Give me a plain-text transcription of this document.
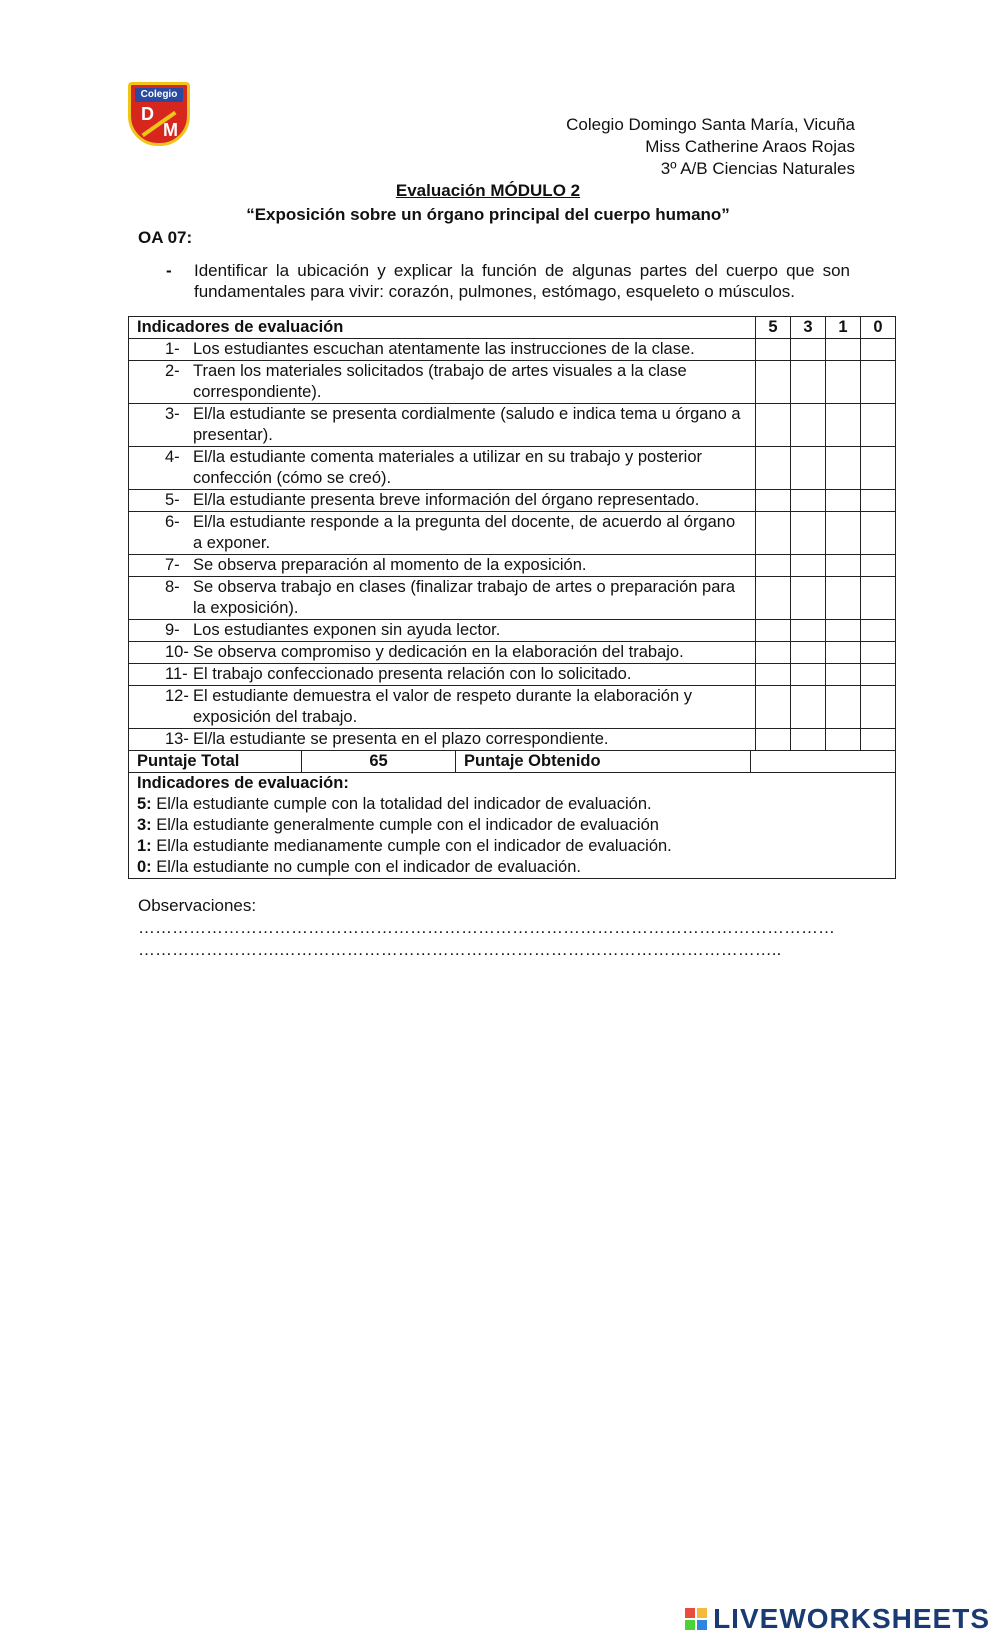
Colegio
D
M	Colegio Domingo Santa María, Vicuña
Miss Catherine Araos Rojas
3º A/B Ciencias Naturales
Evaluación MÓDULO 2
“Exposición sobre un órgano principal del cuerpo humano”
OA 07:
- Identificar la ubicación y explicar la función de algunas partes del cuerpo que son fundamentales para vivir: corazón, pulmones, estómago, esqueleto o músculos.
Indicadores de evaluación	5	3	1	0

1- Los estudiantes escuchan atentamente las instrucciones de la clase.				

2- Traen los materiales solicitados (trabajo de artes visuales a la clase correspondiente).				

3- El/la estudiante se presenta cordialmente (saludo e indica tema u órgano a presentar).				

4- El/la estudiante comenta materiales a utilizar en su trabajo y posterior confección (cómo se creó).				

5- El/la estudiante presenta breve información del órgano representado.				

6- El/la estudiante responde a la pregunta del docente, de acuerdo al órgano a exponer.				

7- Se observa preparación al momento de la exposición.				

8- Se observa trabajo en clases (finalizar trabajo de artes o preparación para la exposición).				

9- Los estudiantes exponen sin ayuda lector.				

10- Se observa compromiso y dedicación en la elaboración del trabajo.				

11- El trabajo confeccionado presenta relación con lo solicitado.				

12- El estudiante demuestra el valor de respeto durante la elaboración y exposición del trabajo.				

13- El/la estudiante se presenta en el plazo correspondiente.				

Puntaje Total 65 Puntaje Obtenido				

Indicadores de evaluación:
5: El/la estudiante cumple con la totalidad del indicador de evaluación.
3: El/la estudiante generalmente cumple con el indicador de evaluación
1: El/la estudiante medianamente cumple con el indicador de evaluación.
0: El/la estudiante no cumple con el indicador de evaluación.				
Observaciones:
……………………………………………………………………………………………………………
…………………….……………………………………………………………………………..
LIVEWORKSHEETS
